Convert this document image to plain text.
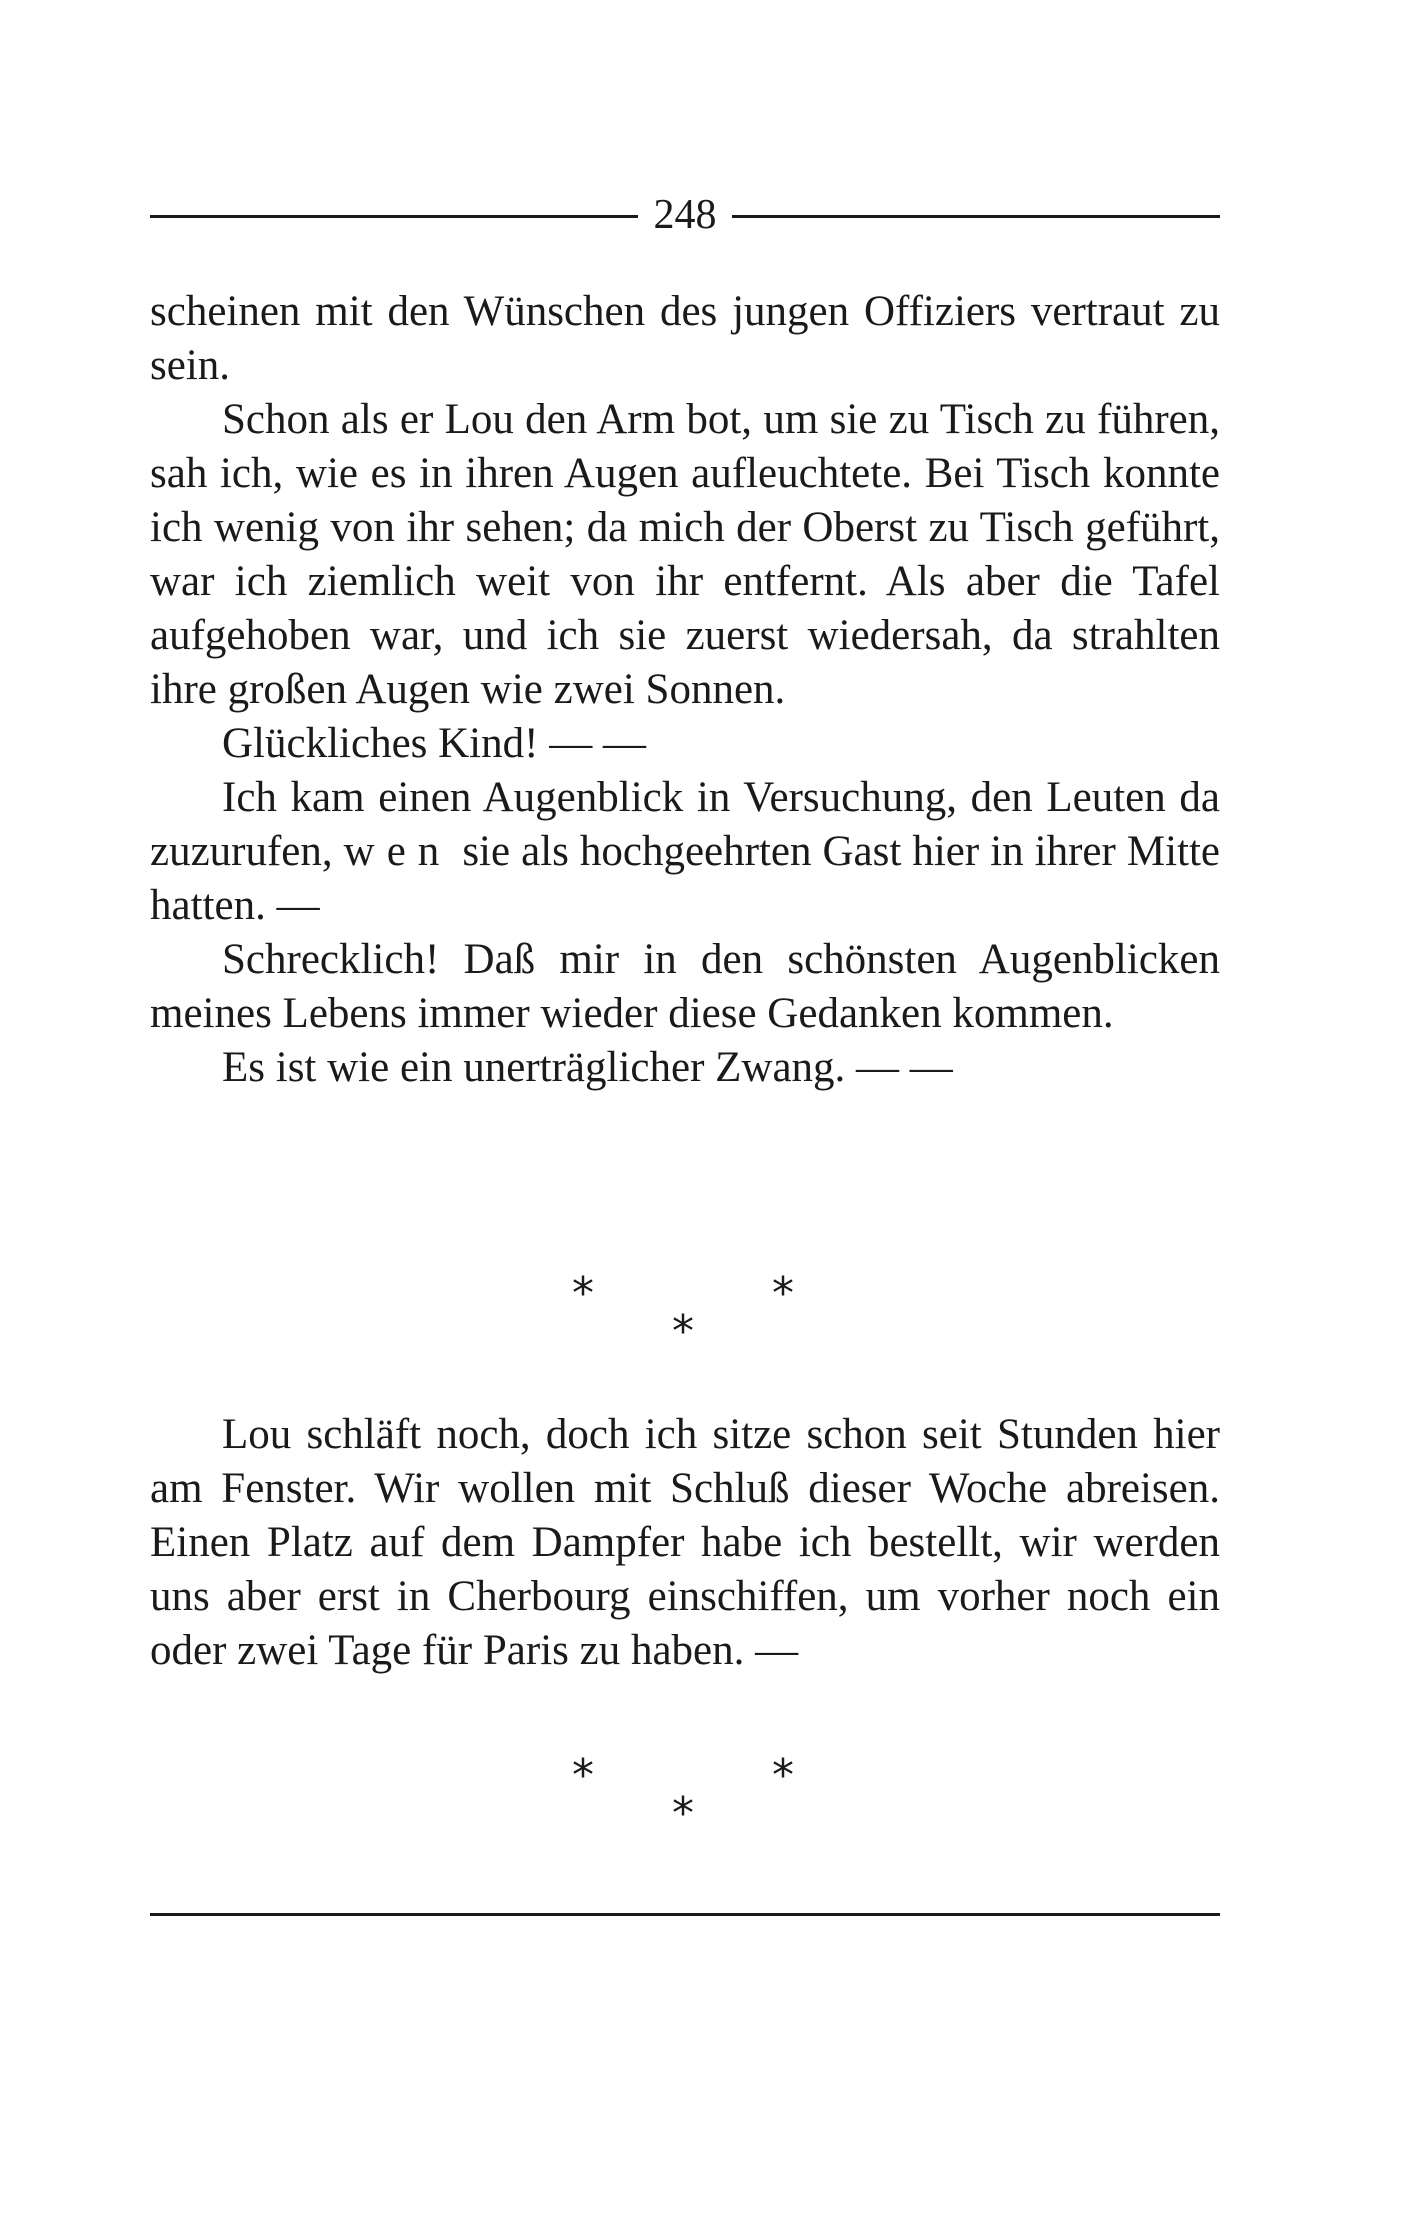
248

scheinen mit den Wünschen des jungen Offiziers vertraut zu sein.

Schon als er Lou den Arm bot, um sie zu Tisch zu führen, sah ich, wie es in ihren Augen aufleuchtete. Bei Tisch konnte ich wenig von ihr sehen; da mich der Oberst zu Tisch geführt, war ich ziemlich weit von ihr entfernt. Als aber die Tafel aufgehoben war, und ich sie zuerst wiedersah, da strahlten ihre großen Augen wie zwei Sonnen.

Glückliches Kind! — —

Ich kam einen Augenblick in Versuchung, den Leuten da zuzurufen, wen sie als hochgeehrten Gast hier in ihrer Mitte hatten. —

Schrecklich! Daß mir in den schönsten Augenblicken meines Lebens immer wieder diese Gedanken kommen.

Es ist wie ein unerträglicher Zwang. — —

*	*
*

Lou schläft noch, doch ich sitze schon seit Stunden hier am Fenster. Wir wollen mit Schluß dieser Woche abreisen. Einen Platz auf dem Dampfer habe ich bestellt, wir werden uns aber erst in Cherbourg einschiffen, um vorher noch ein oder zwei Tage für Paris zu haben. —

*	*
*
